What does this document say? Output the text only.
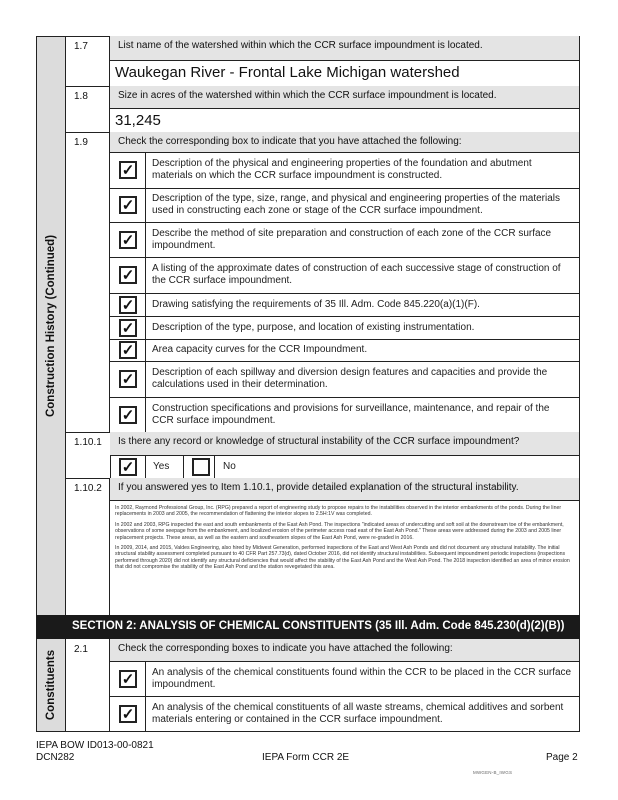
Construction History (Continued)
1.7	List name of the watershed within which the CCR surface impoundment is located.
Waukegan River - Frontal Lake Michigan watershed
1.8	Size in acres of the watershed within which the CCR surface impoundment is located.
31,245
1.9	Check the corresponding box to indicate that you have attached the following:
✓ Description of the physical and engineering properties of the foundation and abutment materials on which the CCR surface impoundment is constructed.
✓ Description of the type, size, range, and physical and engineering properties of the materials used in constructing each zone or stage of the CCR surface impoundment.
✓ Describe the method of site preparation and construction of each zone of the CCR surface impoundment.
✓ A listing of the approximate dates of construction of each successive stage of construction of the CCR surface impoundment.
✓ Drawing satisfying the requirements of 35 Ill. Adm. Code 845.220(a)(1)(F).
✓ Description of the type, purpose, and location of existing instrumentation.
✓ Area capacity curves for the CCR Impoundment.
✓ Description of each spillway and diversion design features and capacities and provide the calculations used in their determination.
✓ Construction specifications and provisions for surveillance, maintenance, and repair of the CCR surface impoundment.
1.10.1	Is there any record or knowledge of structural instability of the CCR surface impoundment?
✓ Yes	No
1.10.2	If you answered yes to Item 1.10.1, provide detailed explanation of the structural instability.

In 2002, Raymond Professional Group, Inc. (RPG) prepared a report of engineering study to propose repairs to the instabilities observed in the interior embankments of the ponds. During the liner replacements in 2003 and 2005, the recommendation of flattening the interior slopes to 2.5H:1V was completed.

In 2002 and 2003, RPG inspected the east and south embankments of the East Ash Pond. The inspections "indicated areas of undercutting and soft soil at the downstream toe of the embankment, observations of some seepage from the embankment, and localized erosion of the perimeter access road east of the East Ash Pond." These areas were addressed during the 2003 and 2005 liner replacement projects. These areas, as well as the eastern and southeastern slopes of the East Ash Pond, were re-graded in 2016.

In 2009, 2014, and 2015, Valdes Engineering, also hired by Midwest Generation, performed inspections of the East and West Ash Ponds and did not document any structural instability. The initial structural stability assessment completed pursuant to 40 CFR Part 257.73(d), dated October 2016, did not identify structural instabilities. Subsequent impoundment periodic inspections (inspections performed through 2020) did not identify any structural deficiencies that would affect the stability of the East Ash Pond and the West Ash Pond. The 2018 inspection identified an area of minor erosion that did not compromise the stability of the East Ash Pond and the station revegetated this area.

SECTION 2: ANALYSIS OF CHEMICAL CONSTITUENTS (35 Ill. Adm. Code 845.230(d)(2)(B))
Constituents
2.1	Check the corresponding boxes to indicate you have attached the following:
✓ An analysis of the chemical constituents found within the CCR to be placed in the CCR surface impoundment.
✓ An analysis of the chemical constituents of all waste streams, chemical additives and sorbent materials entering or contained in the CCR surface impoundment.
IEPA BOW ID013-00-0821
DCN282	IEPA Form CCR 2E	Page 2
MWGEN-B_IWGS
